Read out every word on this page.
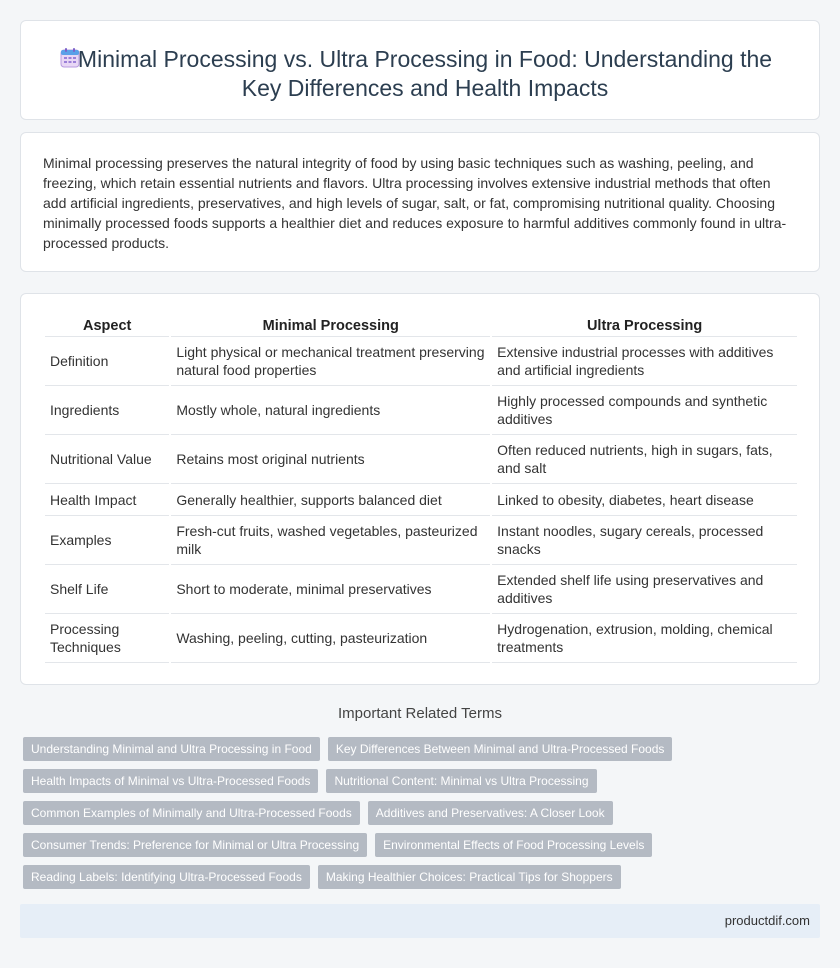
Minimal Processing vs. Ultra Processing in Food: Understanding the Key Differences and Health Impacts

Minimal processing preserves the natural integrity of food by using basic techniques such as washing, peeling, and freezing, which retain essential nutrients and flavors. Ultra processing involves extensive industrial methods that often add artificial ingredients, preservatives, and high levels of sugar, salt, or fat, compromising nutritional quality. Choosing minimally processed foods supports a healthier diet and reduces exposure to harmful additives commonly found in ultra-processed products.

Aspect	Minimal Processing	Ultra Processing
Definition	Light physical or mechanical treatment preserving natural food properties	Extensive industrial processes with additives and artificial ingredients
Ingredients	Mostly whole, natural ingredients	Highly processed compounds and synthetic additives
Nutritional Value	Retains most original nutrients	Often reduced nutrients, high in sugars, fats, and salt
Health Impact	Generally healthier, supports balanced diet	Linked to obesity, diabetes, heart disease
Examples	Fresh-cut fruits, washed vegetables, pasteurized milk	Instant noodles, sugary cereals, processed snacks
Shelf Life	Short to moderate, minimal preservatives	Extended shelf life using preservatives and additives
Processing Techniques	Washing, peeling, cutting, pasteurization	Hydrogenation, extrusion, molding, chemical treatments
Important Related Terms
Understanding Minimal and Ultra Processing in Food	Key Differences Between Minimal and Ultra-Processed Foods
Health Impacts of Minimal vs Ultra-Processed Foods	Nutritional Content: Minimal vs Ultra Processing
Common Examples of Minimally and Ultra-Processed Foods	Additives and Preservatives: A Closer Look
Consumer Trends: Preference for Minimal or Ultra Processing	Environmental Effects of Food Processing Levels
Reading Labels: Identifying Ultra-Processed Foods	Making Healthier Choices: Practical Tips for Shoppers
productdif.com
